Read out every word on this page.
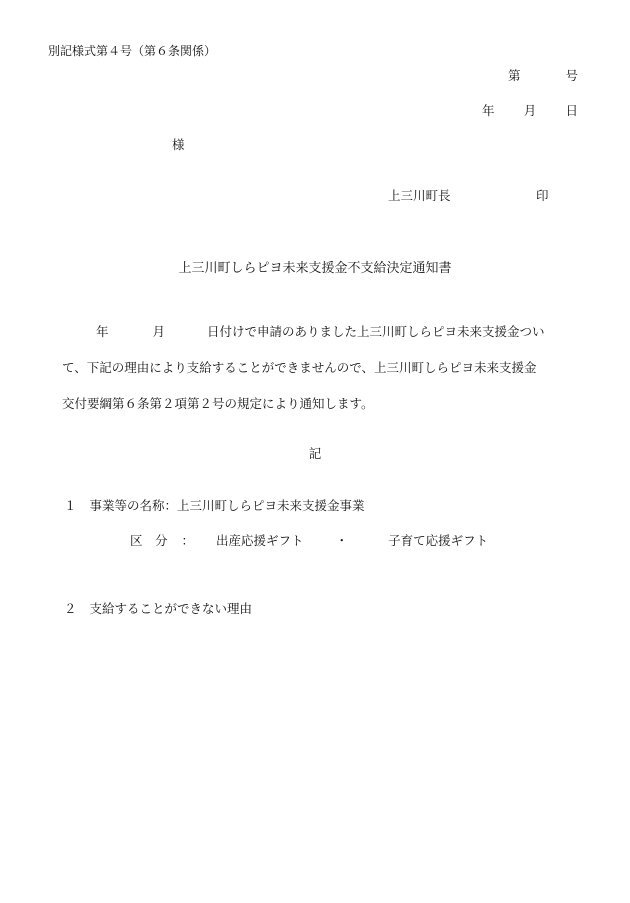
別記様式第４号（第６条関係）
第	号
年 月 日
様
上三川町長	印
上三川町しらピヨ未来支援金不支給決定通知書
年	月	日付けで申請のありました上三川町しらピヨ未来支援金つい
て、下記の理由により支給することができませんので、上三川町しらピヨ未来支援金
交付要綱第６条第２項第２号の規定により通知します。
記
１ 事業等の名称：上三川町しらピヨ未来支援金事業
区　分 ： 出産応援ギフト	・	子育て応援ギフト
２ 支給することができない理由
